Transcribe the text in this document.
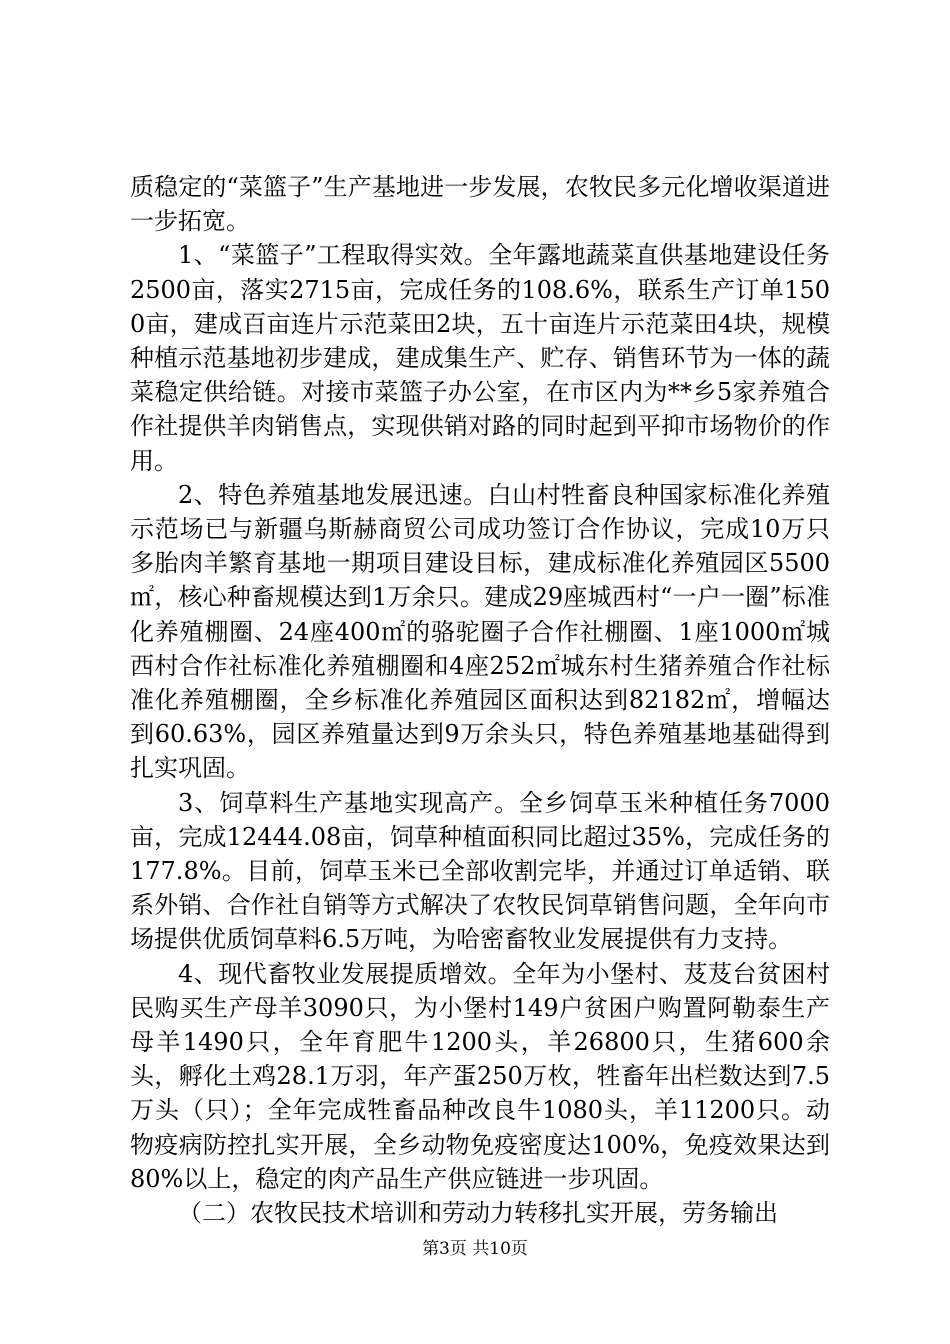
质稳定的“菜篮子”生产基地进一步发展，农牧民多元化增收渠道进一步拓宽。

1、“菜篮子”工程取得实效。全年露地蔬菜直供基地建设任务2500亩，落实2715亩，完成任务的108.6%，联系生产订单1500亩，建成百亩连片示范菜田2块，五十亩连片示范菜田4块，规模种植示范基地初步建成，建成集生产、贮存、销售环节为一体的蔬菜稳定供给链。对接市菜篮子办公室，在市区内为**乡5家养殖合作社提供羊肉销售点，实现供销对路的同时起到平抑市场物价的作用。

2、特色养殖基地发展迅速。白山村牲畜良种国家标准化养殖示范场已与新疆乌斯赫商贸公司成功签订合作协议，完成10万只多胎肉羊繁育基地一期项目建设目标，建成标准化养殖园区5500㎡，核心种畜规模达到1万余只。建成29座城西村“一户一圈”标准化养殖棚圈、24座400㎡的骆驼圈子合作社棚圈、1座1000㎡城西村合作社标准化养殖棚圈和4座252㎡城东村生猪养殖合作社标准化养殖棚圈，全乡标准化养殖园区面积达到82182㎡，增幅达到60.63%，园区养殖量达到9万余头只，特色养殖基地基础得到扎实巩固。

3、饲草料生产基地实现高产。全乡饲草玉米种植任务7000亩，完成12444.08亩，饲草种植面积同比超过35%，完成任务的177.8%。目前，饲草玉米已全部收割完毕，并通过订单适销、联系外销、合作社自销等方式解决了农牧民饲草销售问题，全年向市场提供优质饲草料6.5万吨，为哈密畜牧业发展提供有力支持。

4、现代畜牧业发展提质增效。全年为小堡村、芨芨台贫困村民购买生产母羊3090只，为小堡村149户贫困户购置阿勒泰生产母羊1490只，全年育肥牛1200头，羊26800只，生猪600余头，孵化土鸡28.1万羽，年产蛋250万枚，牲畜年出栏数达到7.5万头（只）；全年完成牲畜品种改良牛1080头，羊11200只。动物疫病防控扎实开展，全乡动物免疫密度达100%，免疫效果达到80%以上，稳定的肉产品生产供应链进一步巩固。

（二）农牧民技术培训和劳动力转移扎实开展，劳务输出

第3页 共10页
